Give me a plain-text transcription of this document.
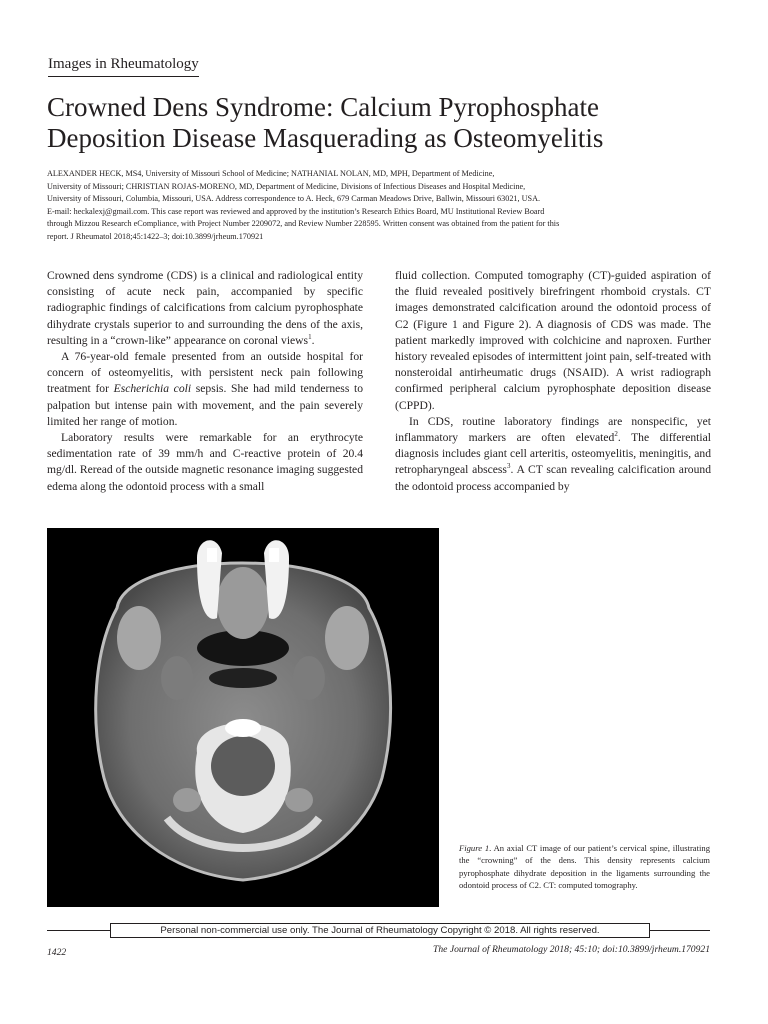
Images in Rheumatology
Crowned Dens Syndrome: Calcium Pyrophosphate
Deposition Disease Masquerading as Osteomyelitis
ALEXANDER HECK, MS4, University of Missouri School of Medicine; NATHANIAL NOLAN, MD, MPH, Department of Medicine,
University of Missouri; CHRISTIAN ROJAS-MORENO, MD, Department of Medicine, Divisions of Infectious Diseases and Hospital Medicine,
University of Missouri, Columbia, Missouri, USA. Address correspondence to A. Heck, 679 Carman Meadows Drive, Ballwin, Missouri 63021, USA.
E-mail: heckalexj@gmail.com. This case report was reviewed and approved by the institution’s Research Ethics Board, MU Institutional Review Board
through Mizzou Research eCompliance, with Project Number 2209072, and Review Number 228595. Written consent was obtained from the patient for this
report. J Rheumatol 2018;45:1422–3; doi:10.3899/jrheum.170921

Crowned dens syndrome (CDS) is a clinical and radiological entity consisting of acute neck pain, accompanied by specific radiographic findings of calcifications from calcium pyrophosphate dihydrate crystals superior to and surrounding the dens of the axis, resulting in a “crown-like” appearance on coronal views$^1$.

A 76-year-old female presented from an outside hospital for concern of osteomyelitis, with persistent neck pain following treatment for Escherichia coli sepsis. She had mild tenderness to palpation but intense pain with movement, and the pain severely limited her range of motion.

Laboratory results were remarkable for an erythrocyte sedimentation rate of 39 mm/h and C-reactive protein of 20.4 mg/dl. Reread of the outside magnetic resonance imaging suggested edema along the odontoid process with a small

fluid collection. Computed tomography (CT)-guided aspiration of the fluid revealed positively birefringent rhomboid crystals. CT images demonstrated calcification around the odontoid process of C2 (Figure 1 and Figure 2). A diagnosis of CDS was made. The patient markedly improved with colchicine and naproxen. Further history revealed episodes of intermittent joint pain, self-treated with nonsteroidal antirheumatic drugs (NSAID). A wrist radiograph confirmed peripheral calcium pyrophosphate deposition disease (CPPD).

In CDS, routine laboratory findings are nonspecific, yet inflammatory markers are often elevated$^2$. The differential diagnosis includes giant cell arteritis, osteomyelitis, meningitis, and retropharyngeal abscess$^3$. A CT scan revealing calcification around the odontoid process accompanied by

Figure 1. An axial CT image of our patient’s cervical spine, illustrating the “crowning” of the dens. This density represents calcium pyrophosphate dihydrate deposition in the ligaments surrounding the odontoid process of C2. CT: computed tomography.
Personal non-commercial use only. The Journal of Rheumatology Copyright © 2018. All rights reserved.
1422	The Journal of Rheumatology 2018; 45:10; doi:10.3899/jrheum.170921
